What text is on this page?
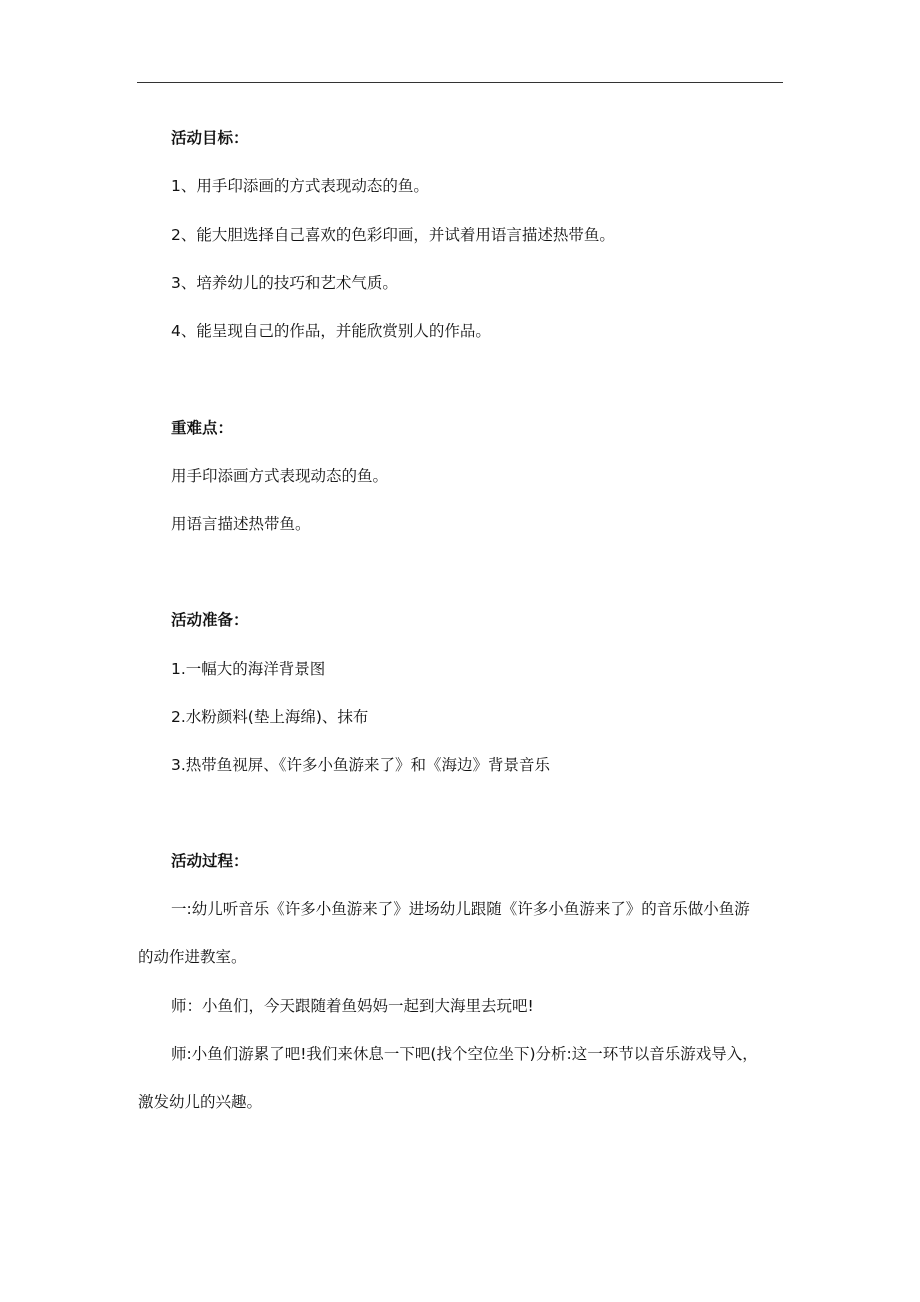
活动目标：
1、用手印添画的方式表现动态的鱼。
2、能大胆选择自己喜欢的色彩印画，并试着用语言描述热带鱼。
3、培养幼儿的技巧和艺术气质。
4、能呈现自己的作品，并能欣赏别人的作品。
重难点：
用手印添画方式表现动态的鱼。
用语言描述热带鱼。
活动准备：
1.一幅大的海洋背景图
2.水粉颜料(垫上海绵)、抹布
3.热带鱼视屏、《许多小鱼游来了》和《海边》背景音乐
活动过程：
一:幼儿听音乐《许多小鱼游来了》进场幼儿跟随《许多小鱼游来了》的音乐做小鱼游
的动作进教室。
师：小鱼们，今天跟随着鱼妈妈一起到大海里去玩吧!
师:小鱼们游累了吧!我们来休息一下吧(找个空位坐下)分析:这一环节以音乐游戏导入，
激发幼儿的兴趣。
